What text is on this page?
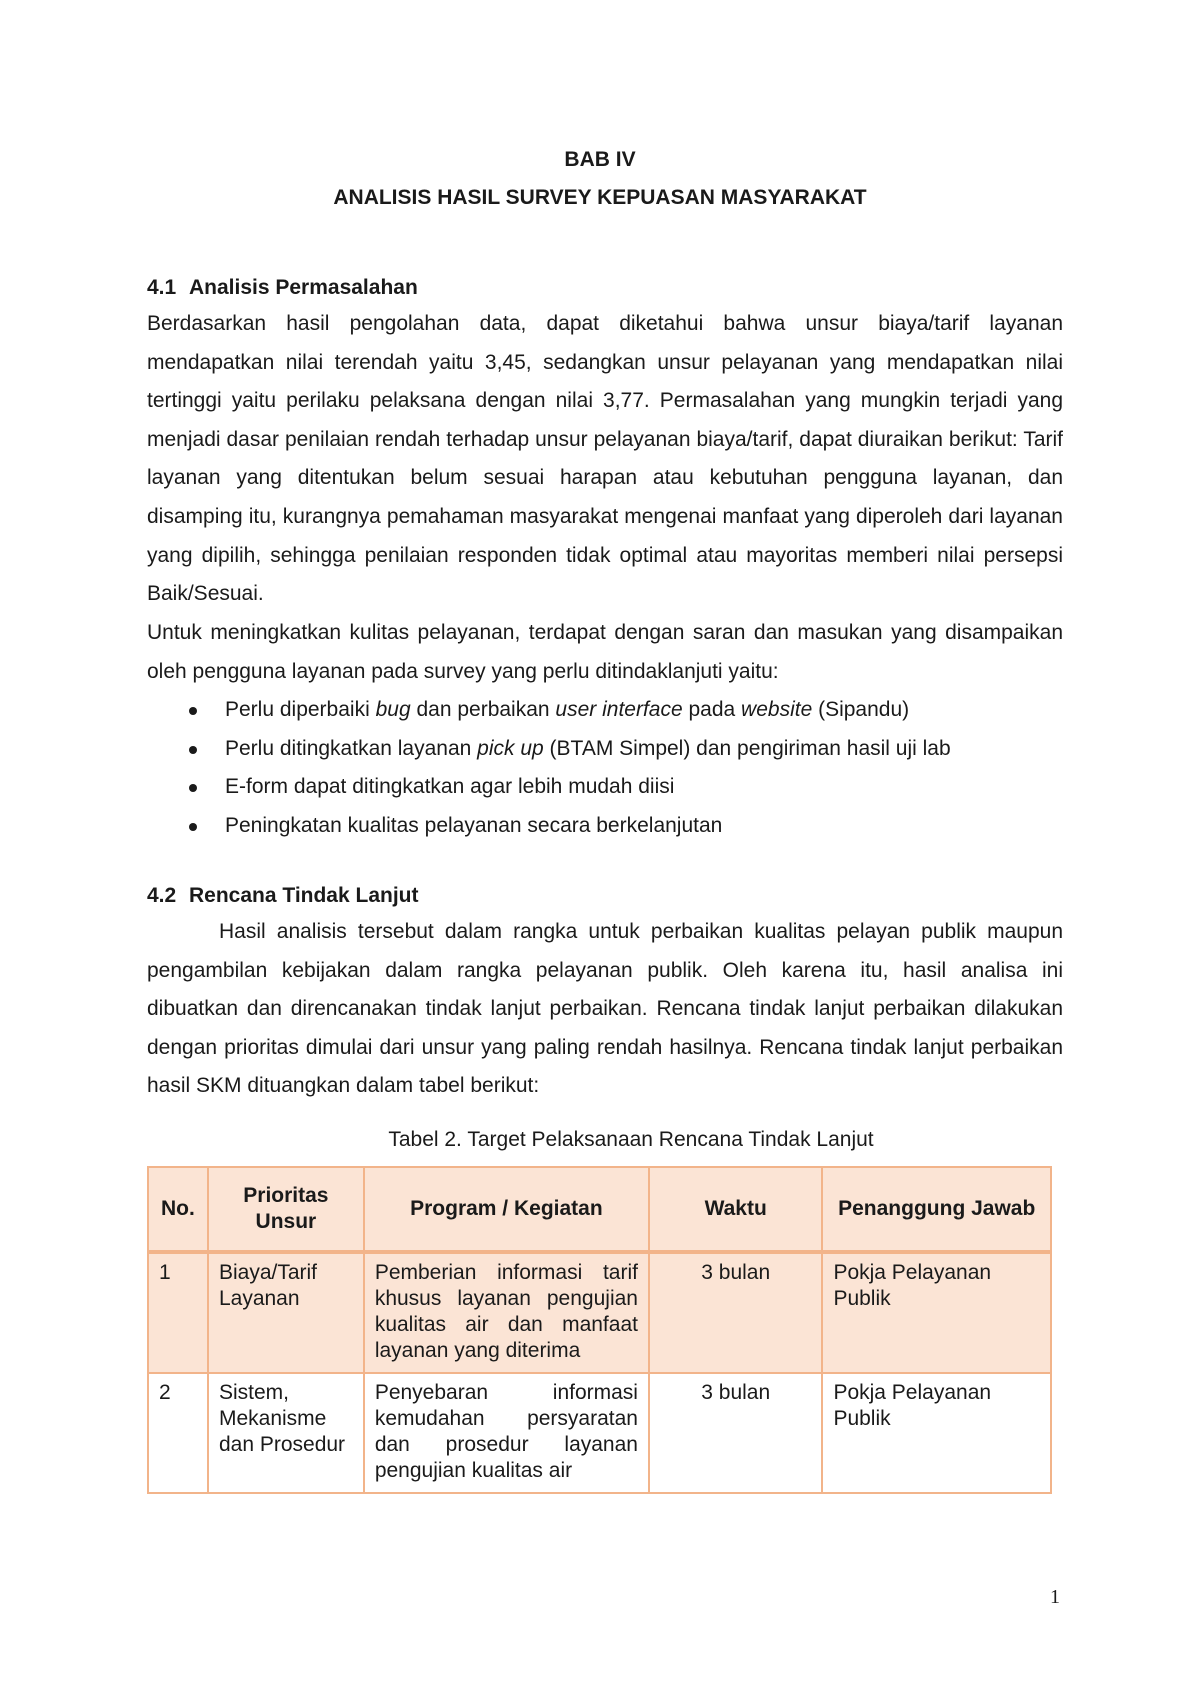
BAB IV
ANALISIS HASIL SURVEY KEPUASAN MASYARAKAT
4.1 Analisis Permasalahan
Berdasarkan hasil pengolahan data, dapat diketahui bahwa unsur biaya/tarif layanan mendapatkan nilai terendah yaitu 3,45, sedangkan unsur pelayanan yang mendapatkan nilai tertinggi yaitu perilaku pelaksana dengan nilai 3,77. Permasalahan yang mungkin terjadi yang menjadi dasar penilaian rendah terhadap unsur pelayanan biaya/tarif, dapat diuraikan berikut: Tarif layanan yang ditentukan belum sesuai harapan atau kebutuhan pengguna layanan, dan disamping itu, kurangnya pemahaman masyarakat mengenai manfaat yang diperoleh dari layanan yang dipilih, sehingga penilaian responden tidak optimal atau mayoritas memberi nilai persepsi Baik/Sesuai.
Untuk meningkatkan kulitas pelayanan, terdapat dengan saran dan masukan yang disampaikan oleh pengguna layanan pada survey yang perlu ditindaklanjuti yaitu:
Perlu diperbaiki bug dan perbaikan user interface pada website (Sipandu)
Perlu ditingkatkan layanan pick up (BTAM Simpel) dan pengiriman hasil uji lab
E-form dapat ditingkatkan agar lebih mudah diisi
Peningkatan kualitas pelayanan secara berkelanjutan
4.2 Rencana Tindak Lanjut
Hasil analisis tersebut dalam rangka untuk perbaikan kualitas pelayan publik maupun pengambilan kebijakan dalam rangka pelayanan publik. Oleh karena itu, hasil analisa ini dibuatkan dan direncanakan tindak lanjut perbaikan. Rencana tindak lanjut perbaikan dilakukan dengan prioritas dimulai dari unsur yang paling rendah hasilnya. Rencana tindak lanjut perbaikan hasil SKM dituangkan dalam tabel berikut:
Tabel 2. Target Pelaksanaan Rencana Tindak Lanjut
No.	Prioritas Unsur	Program / Kegiatan	Waktu	Penanggung Jawab
1	Biaya/Tarif Layanan	Pemberian informasi tarif khusus layanan pengujian kualitas air dan manfaat layanan yang diterima	3 bulan	Pokja Pelayanan Publik
2	Sistem, Mekanisme dan Prosedur	Penyebaran informasi kemudahan persyaratan dan prosedur layanan pengujian kualitas air	3 bulan	Pokja Pelayanan Publik
1
